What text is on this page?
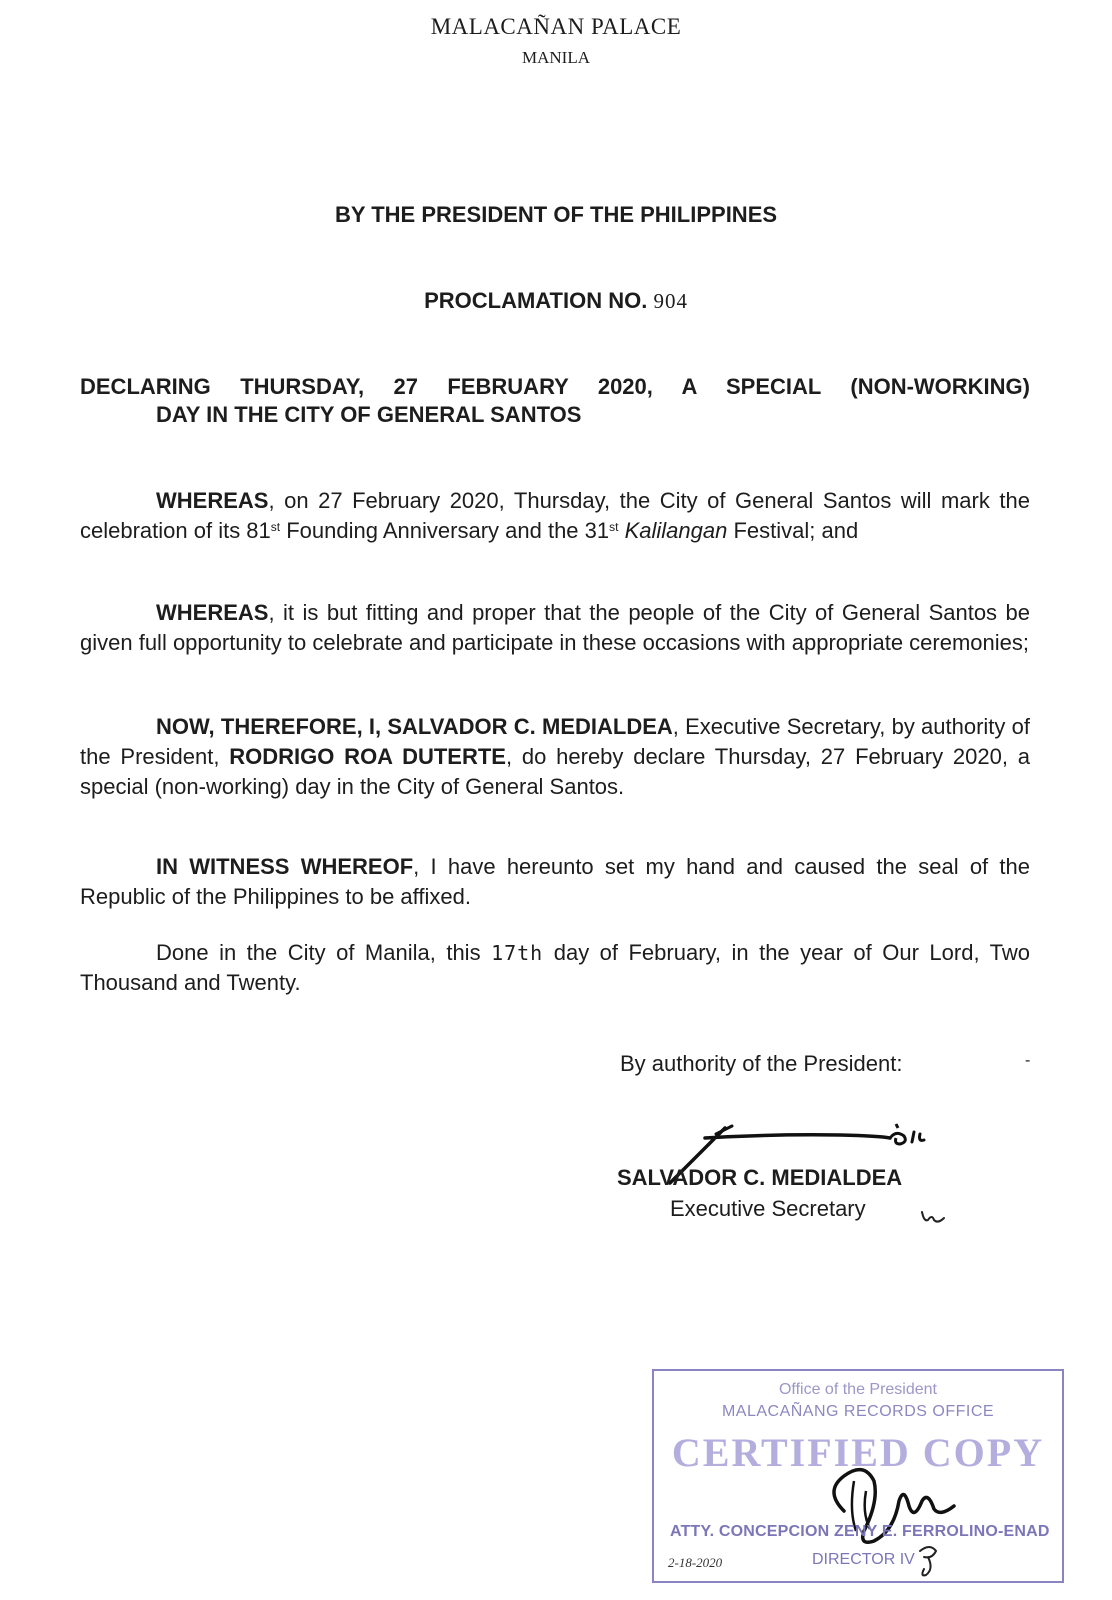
MALACAÑAN PALACE
MANILA
BY THE PRESIDENT OF THE PHILIPPINES
PROCLAMATION NO. 904
DECLARING THURSDAY, 27 FEBRUARY 2020, A SPECIAL (NON-WORKING)
DAY IN THE CITY OF GENERAL SANTOS
WHEREAS, on 27 February 2020, Thursday, the City of General Santos will mark the celebration of its 81st Founding Anniversary and the 31st Kalilangan Festival; and
WHEREAS, it is but fitting and proper that the people of the City of General Santos be given full opportunity to celebrate and participate in these occasions with appropriate ceremonies;
NOW, THEREFORE, I, SALVADOR C. MEDIALDEA, Executive Secretary, by authority of the President, RODRIGO ROA DUTERTE, do hereby declare Thursday, 27 February 2020, a special (non-working) day in the City of General Santos.
IN WITNESS WHEREOF, I have hereunto set my hand and caused the seal of the Republic of the Philippines to be affixed.
Done in the City of Manila, this 17th day of February, in the year of Our Lord, Two Thousand and Twenty.
By authority of the President:	-
SALVADOR C. MEDIALDEA
Executive Secretary
Office of the President
MALACAÑANG RECORDS OFFICE
CERTIFIED COPY
ATTY. CONCEPCION ZENY E. FERROLINO-ENAD
DIRECTOR IV
2-18-2020
